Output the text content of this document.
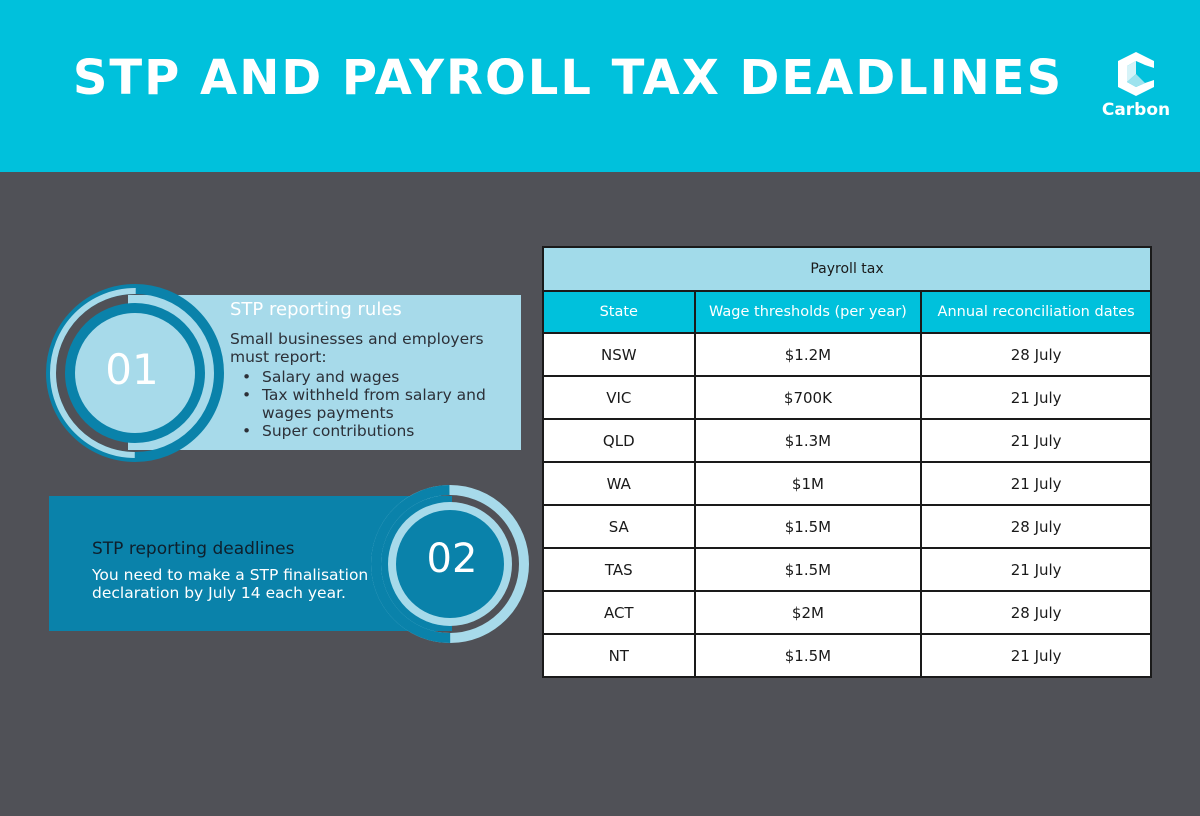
STP AND PAYROLL TAX DEADLINES
Carbon
01
STP reporting rules
Small businesses and employers must report:
• Salary and wages
• Tax withheld from salary and wages payments
• Super contributions
02
STP reporting deadlines
You need to make a STP finalisation declaration by July 14 each year.
Payroll tax		
State	Wage thresholds (per year)	Annual reconciliation dates
NSW	$1.2M	28 July
VIC	$700K	21 July
QLD	$1.3M	21 July
WA	$1M	21 July
SA	$1.5M	28 July
TAS	$1.5M	21 July
ACT	$2M	28 July
NT	$1.5M	21 July
